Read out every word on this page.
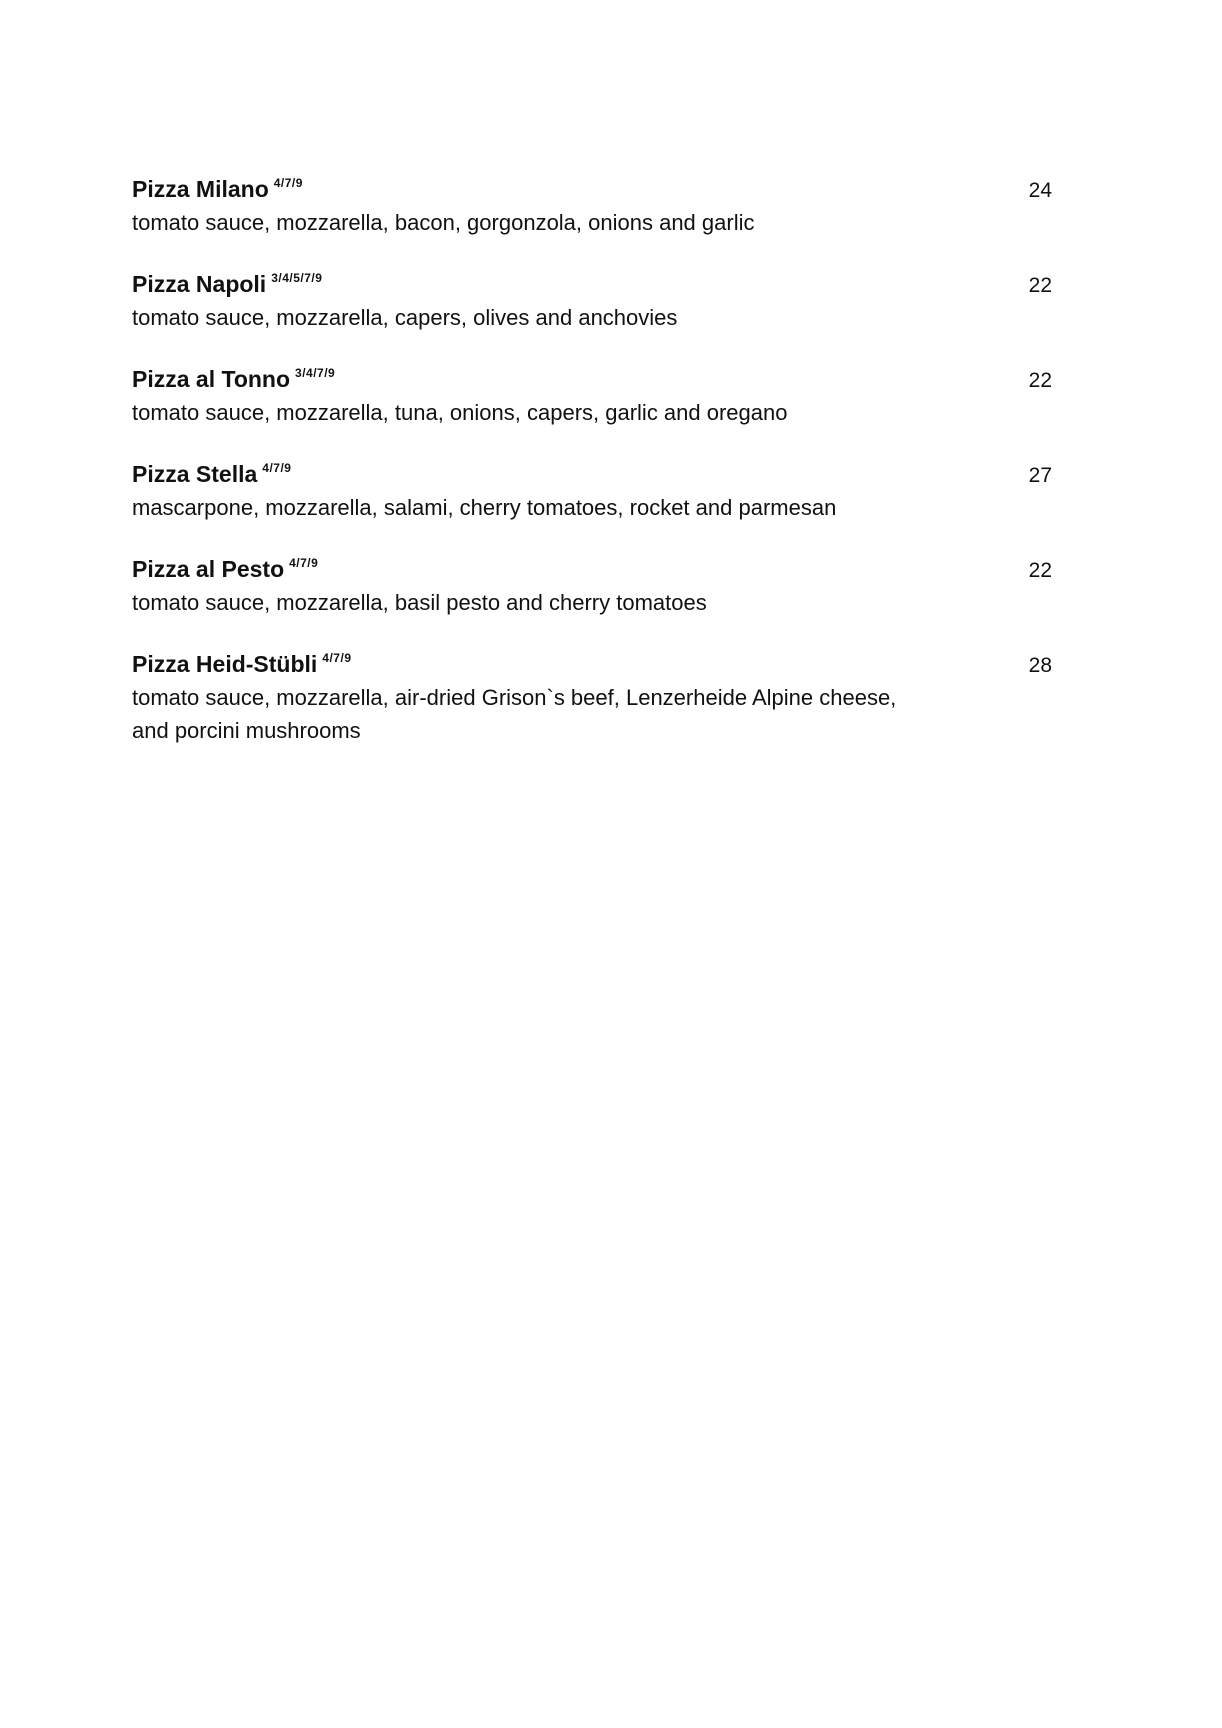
Pizza Milano $^{4/7/9}$	24
tomato sauce, mozzarella, bacon, gorgonzola, onions and garlic
Pizza Napoli $^{3/4/5/7/9}$	22
tomato sauce, mozzarella, capers, olives and anchovies
Pizza al Tonno $^{3/4/7/9}$	22
tomato sauce, mozzarella, tuna, onions, capers, garlic and oregano
Pizza Stella $^{4/7/9}$	27
mascarpone, mozzarella, salami, cherry tomatoes, rocket and parmesan
Pizza al Pesto $^{4/7/9}$	22
tomato sauce, mozzarella, basil pesto and cherry tomatoes
Pizza Heid-Stübli $^{4/7/9}$	28
tomato sauce, mozzarella, air-dried Grison`s beef, Lenzerheide Alpine cheese,
and porcini mushrooms
